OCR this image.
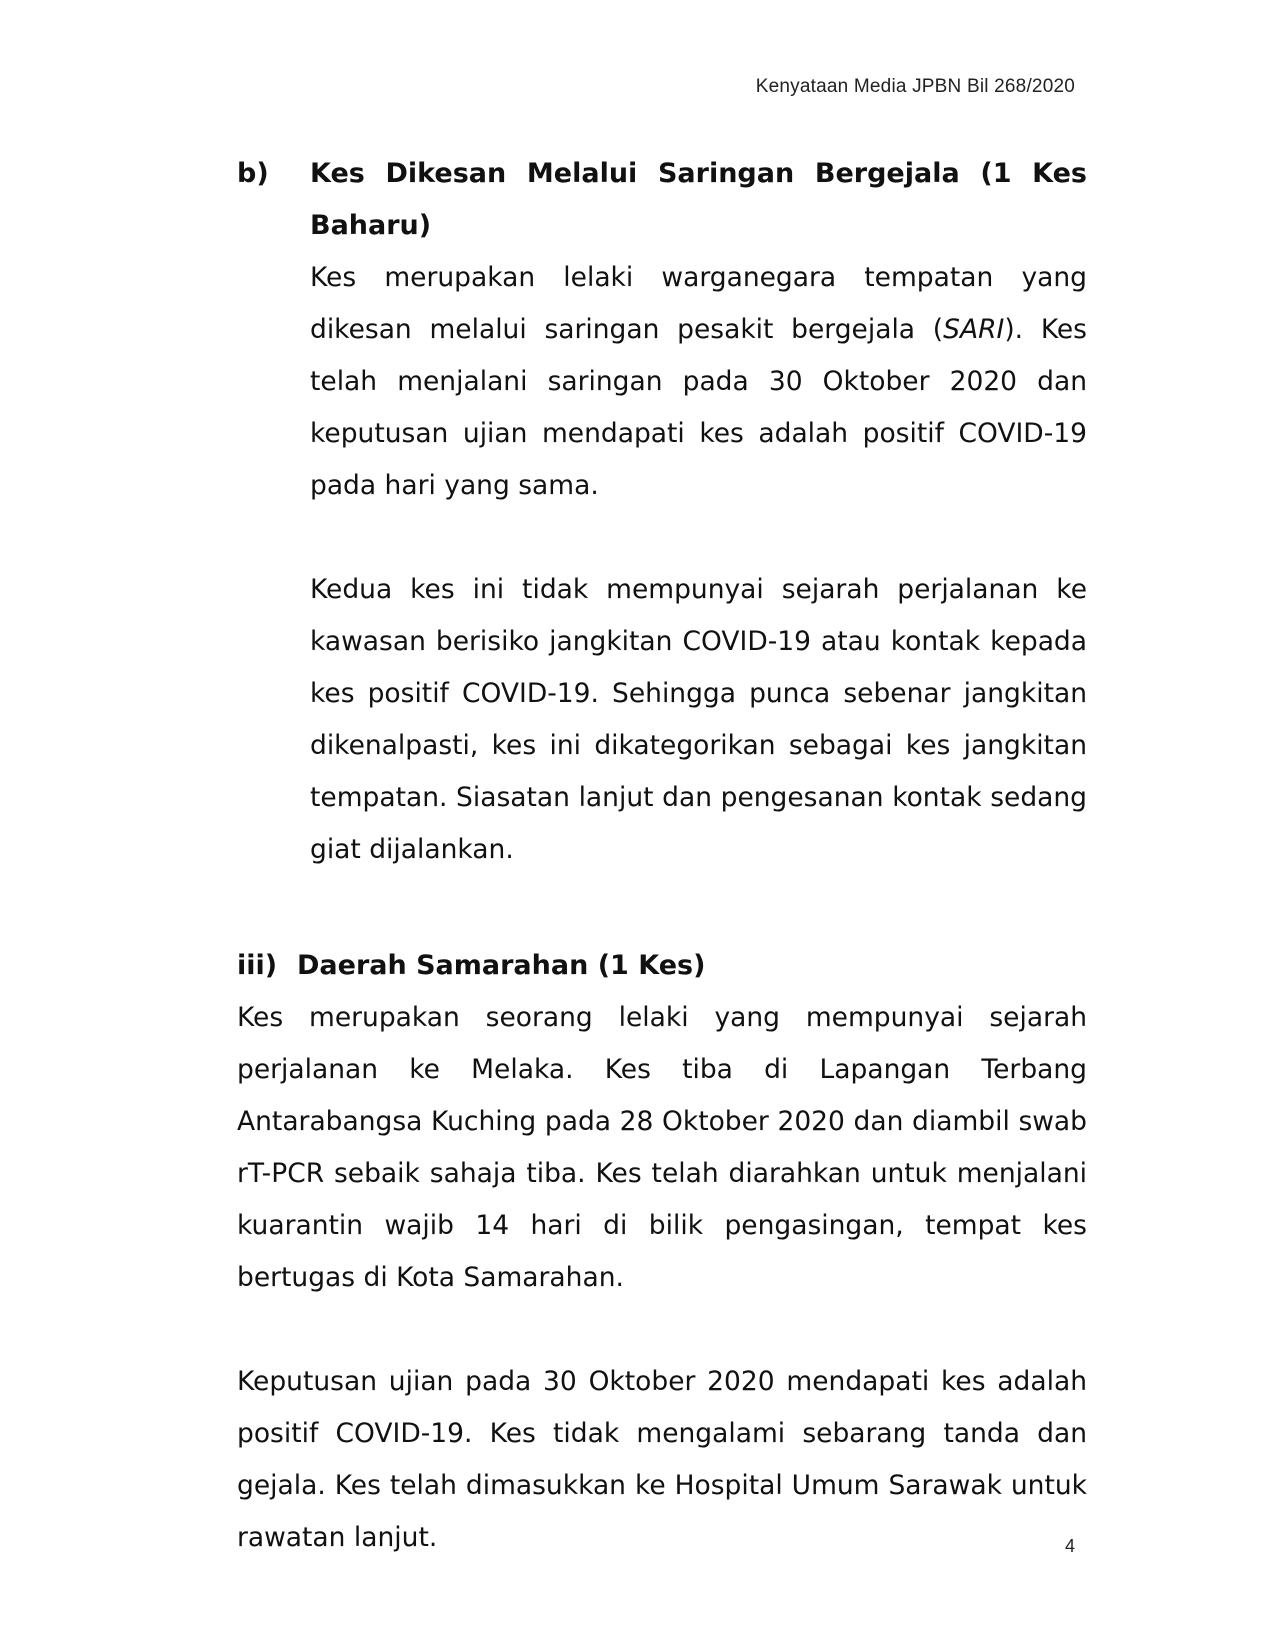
Kenyataan Media JPBN Bil 268/2020
b)	Kes Dikesan Melalui Saringan Bergejala (1 Kes Baharu)

Kes merupakan lelaki warganegara tempatan yang dikesan melalui saringan pesakit bergejala (SARI). Kes telah menjalani saringan pada 30 Oktober 2020 dan keputusan ujian mendapati kes adalah positif COVID-19 pada hari yang sama.

Kedua kes ini tidak mempunyai sejarah perjalanan ke kawasan berisiko jangkitan COVID-19 atau kontak kepada kes positif COVID-19. Sehingga punca sebenar jangkitan dikenalpasti, kes ini dikategorikan sebagai kes jangkitan tempatan. Siasatan lanjut dan pengesanan kontak sedang giat dijalankan.

iii) Daerah Samarahan (1 Kes)

Kes merupakan seorang lelaki yang mempunyai sejarah perjalanan ke Melaka. Kes tiba di Lapangan Terbang Antarabangsa Kuching pada 28 Oktober 2020 dan diambil swab rT-PCR sebaik sahaja tiba. Kes telah diarahkan untuk menjalani kuarantin wajib 14 hari di bilik pengasingan, tempat kes bertugas di Kota Samarahan.

Keputusan ujian pada 30 Oktober 2020 mendapati kes adalah positif COVID-19. Kes tidak mengalami sebarang tanda dan gejala. Kes telah dimasukkan ke Hospital Umum Sarawak untuk rawatan lanjut.	4
